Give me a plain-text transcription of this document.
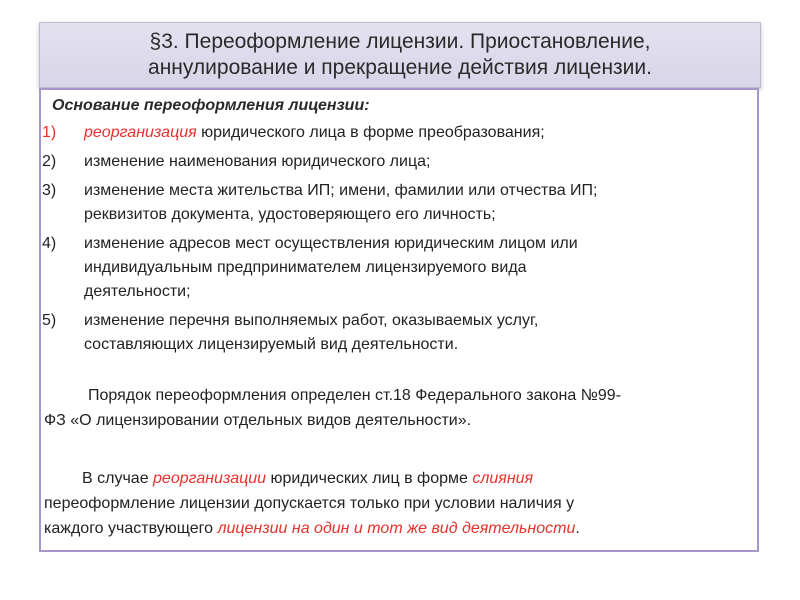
§3. Переоформление лицензии. Приостановление,
аннулирование и прекращение действия лицензии.
Основание переоформления лицензии:
1) реорганизация юридического лица в форме преобразования;
2) изменение наименования юридического лица;
3) изменение места жительства ИП; имени, фамилии или отчества ИП;
реквизитов документа, удостоверяющего его личность;
4) изменение адресов мест осуществления юридическим лицом или
индивидуальным предпринимателем лицензируемого вида
деятельности;
5) изменение перечня выполняемых работ, оказываемых услуг,
составляющих лицензируемый вид деятельности.

Порядок переоформления определен ст.18 Федерального закона №99-
ФЗ «О лицензировании отдельных видов деятельности».

В случае реорганизации юридических лиц в форме слияния
переоформление лицензии допускается только при условии наличия у
каждого участвующего лицензии на один и тот же вид деятельности.
